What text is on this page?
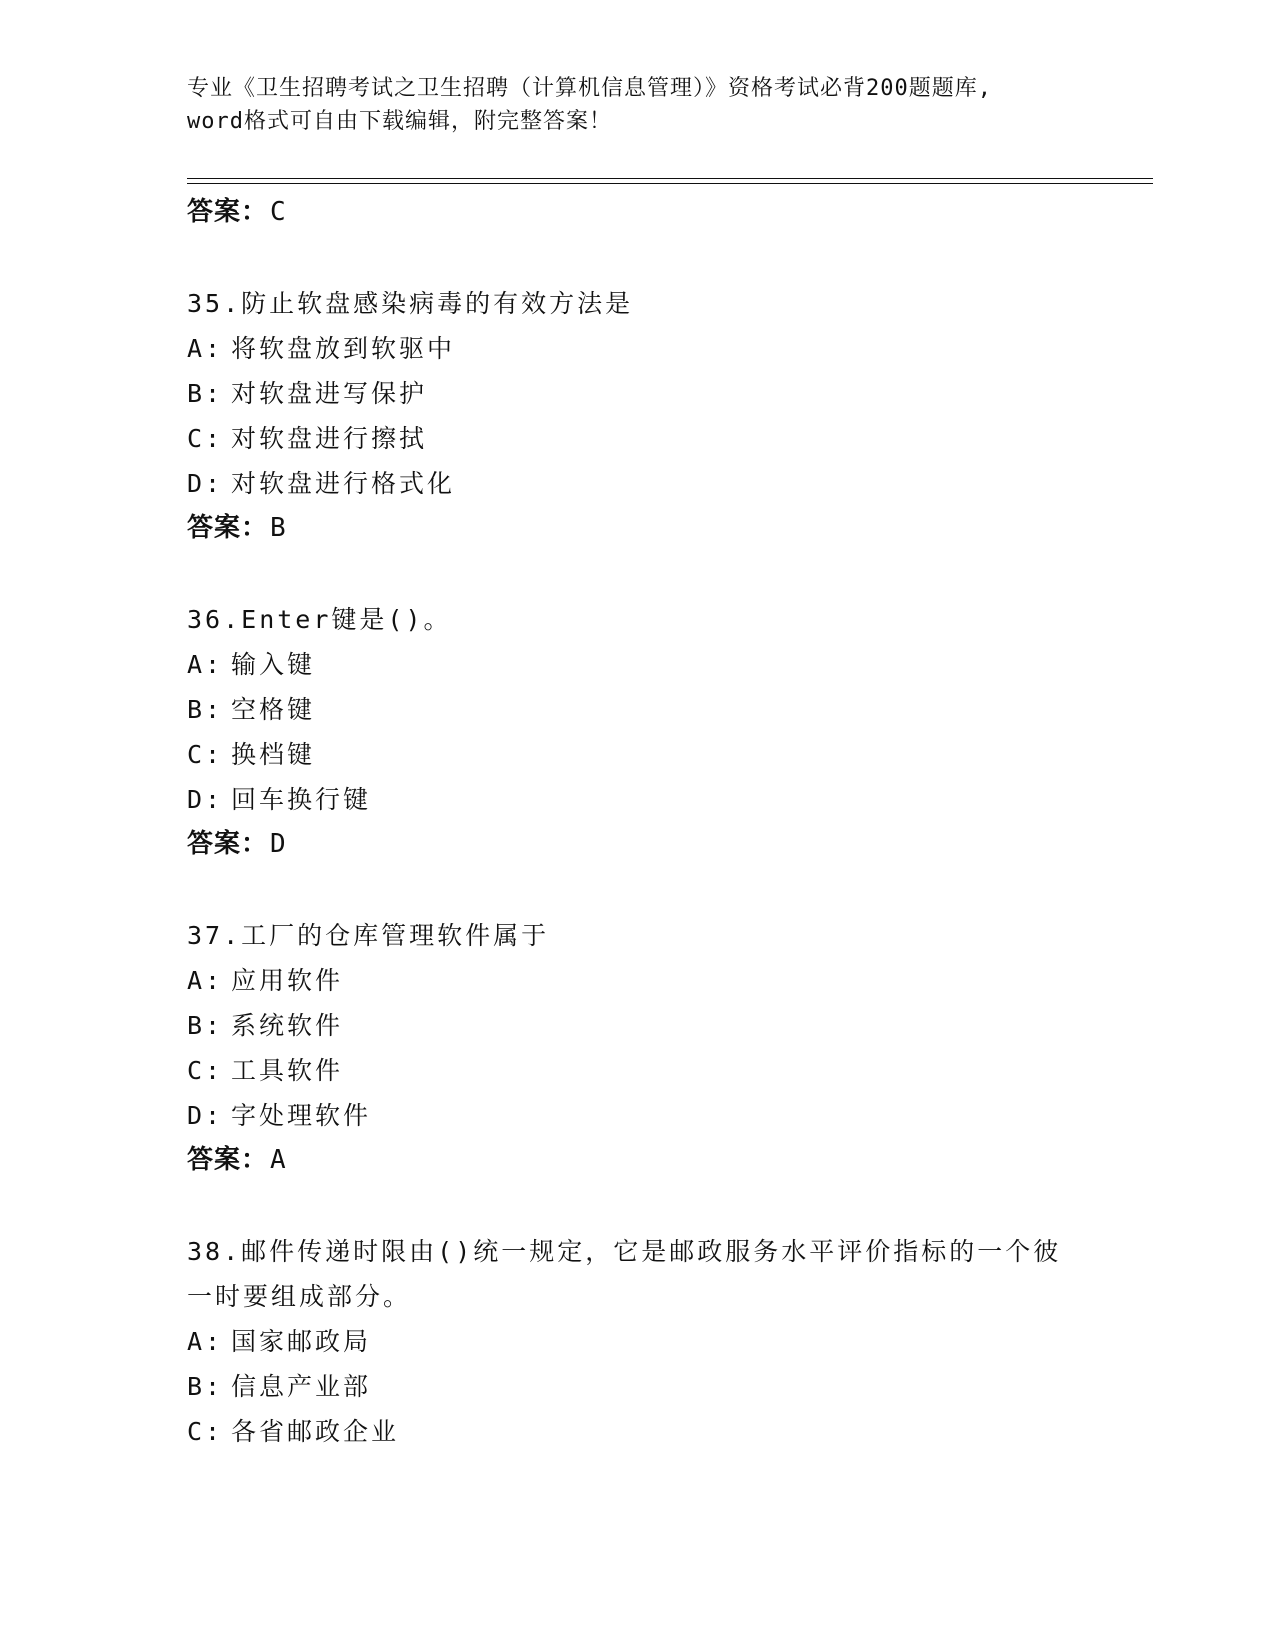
专业《卫生招聘考试之卫生招聘（计算机信息管理）》资格考试必背200题题库,
word格式可自由下载编辑，附完整答案！
答案：C
35.防止软盘感染病毒的有效方法是
A: 将软盘放到软驱中
B: 对软盘进写保护
C: 对软盘进行擦拭
D: 对软盘进行格式化
答案：B
36.Enter键是()。
A: 输入键
B: 空格键
C: 换档键
D: 回车换行键
答案：D
37.工厂的仓库管理软件属于
A: 应用软件
B: 系统软件
C: 工具软件
D: 字处理软件
答案：A
38.邮件传递时限由()统一规定，它是邮政服务水平评价指标的一个彼
一时要组成部分。
A: 国家邮政局
B: 信息产业部
C: 各省邮政企业
